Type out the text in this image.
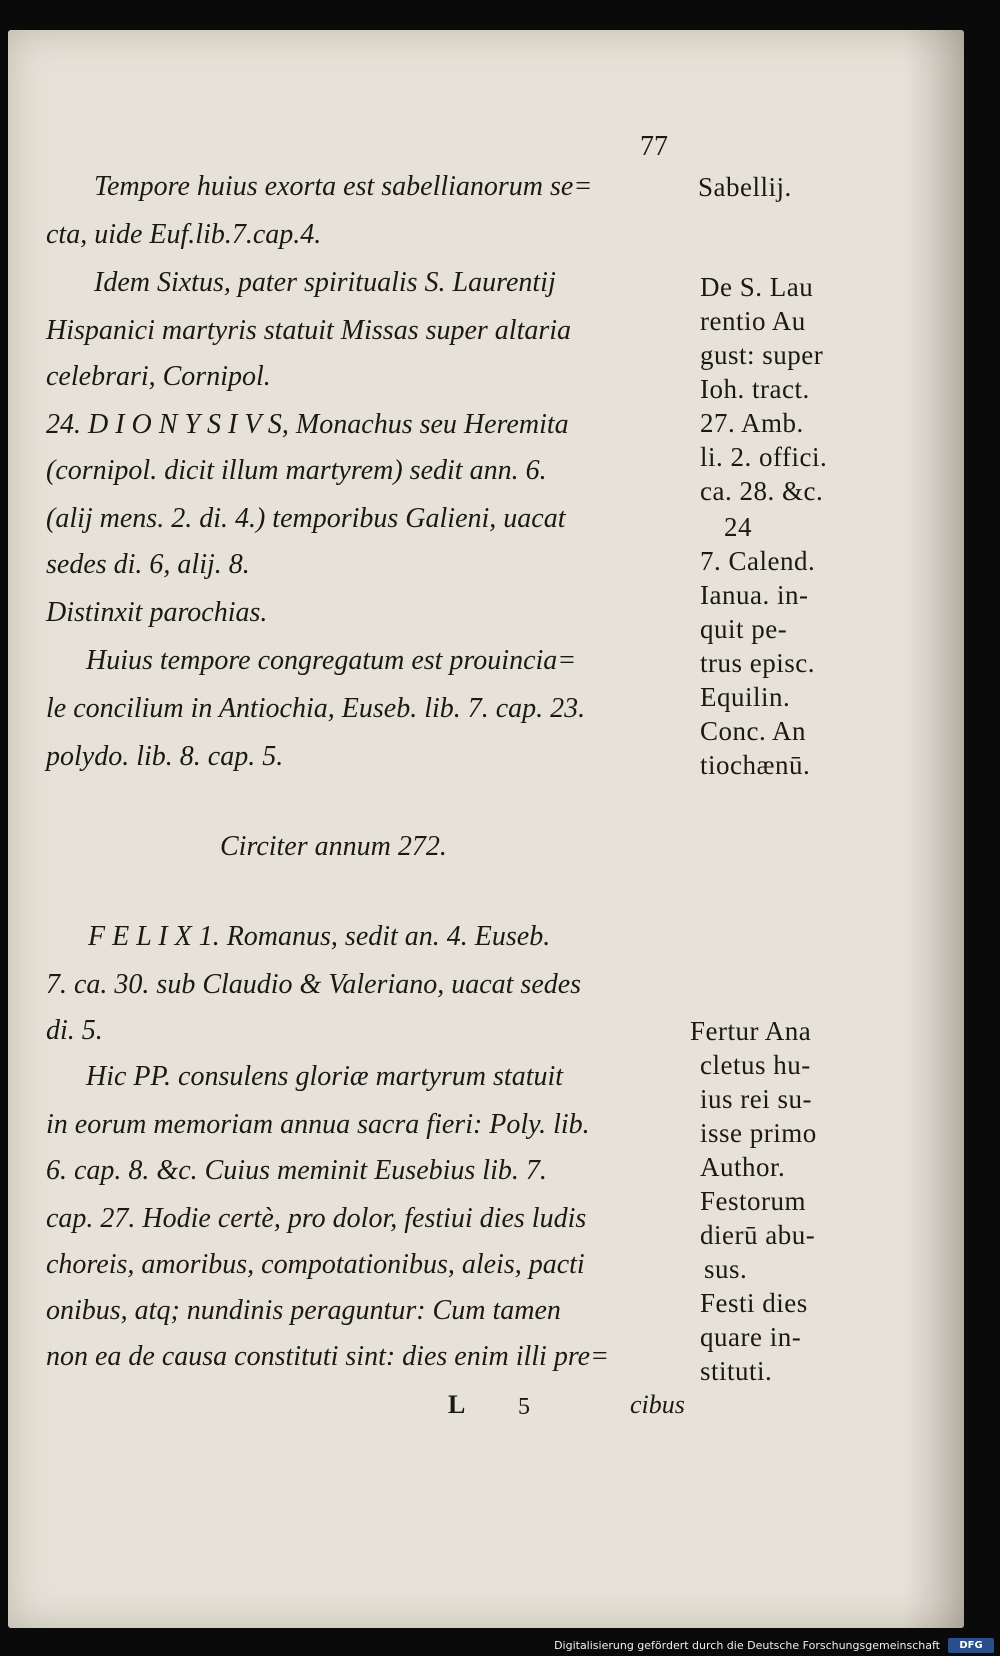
77
Tempore huius exorta est sabellianorum se=
cta, uide Euf.lib.7.cap.4.
Idem Sixtus, pater spiritualis S. Laurentij
Hispanici martyris statuit Missas super altaria
celebrari, Cornipol.
24. D I O N Y S I V S, Monachus seu Heremita
(cornipol. dicit illum martyrem) sedit ann. 6.
(alij mens. 2. di. 4.) temporibus Galieni, uacat
sedes di. 6, alij. 8.
Distinxit parochias.
Huius tempore congregatum est prouincia=
le concilium in Antiochia, Euseb. lib. 7. cap. 23.
polydo. lib. 8. cap. 5.
Circiter annum 272.
F E L I X 1. Romanus, sedit an. 4. Euseb.
7. ca. 30. sub Claudio & Valeriano, uacat sedes
di. 5.
Hic PP. consulens gloriæ martyrum statuit
in eorum memoriam annua sacra fieri: Poly. lib.
6. cap. 8. &c. Cuius meminit Eusebius lib. 7.
cap. 27. Hodie certè, pro dolor, festiui dies ludis
choreis, amoribus, compotationibus, aleis, pacti
onibus, atq; nundinis peraguntur: Cum tamen
non ea de causa constituti sint: dies enim illi pre=
L 5	cibus
Sabellij.
De S. Lau
rentio Au
gust: super
Ioh. tract.
27. Amb.
li. 2. offici.
ca. 28. &c.
24
7. Calend.
Ianua. in-
quit pe-
trus episc.
Equilin.
Conc. An
tiochænū.
Fertur Ana
cletus hu-
ius rei su-
isse primo
Author.
Festorum
dierū abu-
sus.
Festi dies
quare in-
stituti.
Digitalisierung gefördert durch die Deutsche Forschungsgemeinschaft	DFG
